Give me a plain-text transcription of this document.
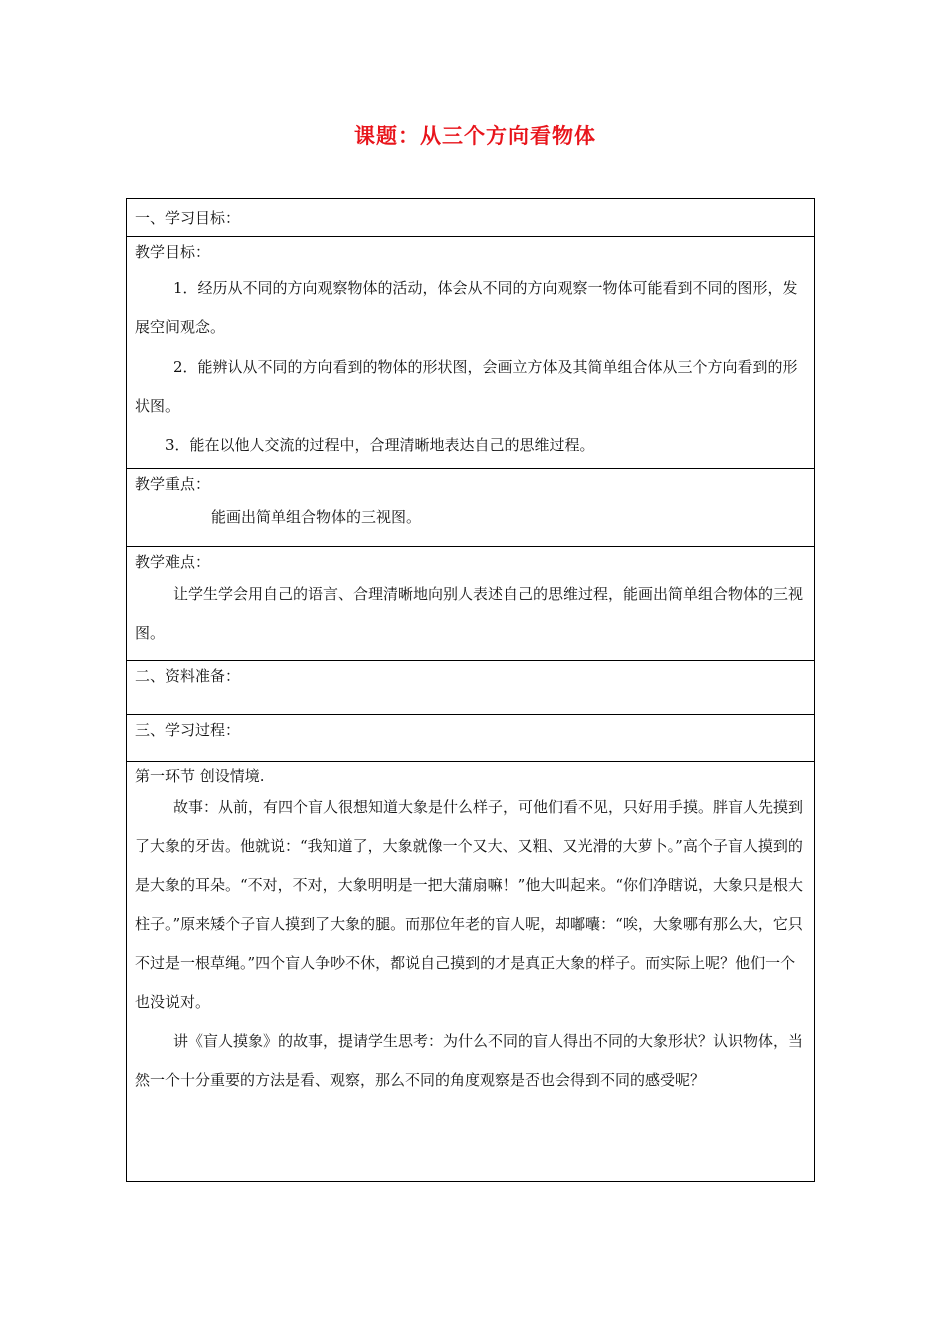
课题：从三个方向看物体
一、学习目标：
教学目标：
1．经历从不同的方向观察物体的活动，体会从不同的方向观察一物体可能看到不同的图形，发展空间观念。
2．能辨认从不同的方向看到的物体的形状图，会画立方体及其简单组合体从三个方向看到的形状图。
3．能在以他人交流的过程中，合理清晰地表达自己的思维过程。
教学重点：
能画出简单组合物体的三视图。
教学难点：
让学生学会用自己的语言、合理清晰地向别人表述自己的思维过程，能画出简单组合物体的三视图。
二、资料准备：
三、学习过程：
第一环节 创设情境.
故事：从前，有四个盲人很想知道大象是什么样子，可他们看不见，只好用手摸。胖盲人先摸到了大象的牙齿。他就说：“我知道了，大象就像一个又大、又粗、又光滑的大萝卜。”高个子盲人摸到的是大象的耳朵。“不对，不对，大象明明是一把大蒲扇嘛！”他大叫起来。“你们净瞎说，大象只是根大柱子。”原来矮个子盲人摸到了大象的腿。而那位年老的盲人呢，却嘟囔：“唉，大象哪有那么大，它只不过是一根草绳。”四个盲人争吵不休，都说自己摸到的才是真正大象的样子。而实际上呢？他们一个也没说对。
讲《盲人摸象》的故事，提请学生思考：为什么不同的盲人得出不同的大象形状？认识物体，当然一个十分重要的方法是看、观察，那么不同的角度观察是否也会得到不同的感受呢？
